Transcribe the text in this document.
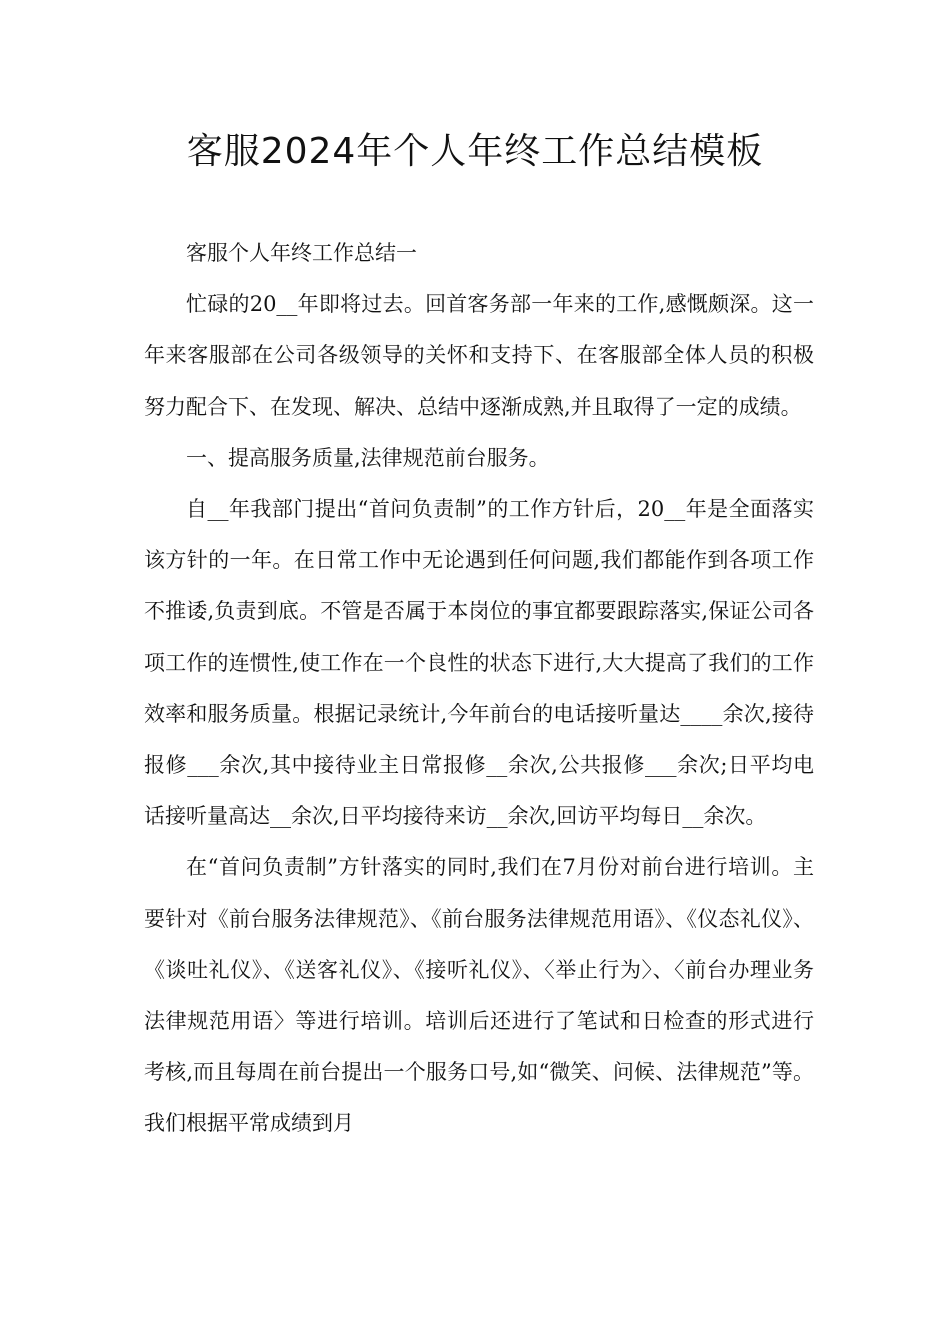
客服2024年个人年终工作总结模板

客服个人年终工作总结一

忙碌的20__年即将过去。回首客务部一年来的工作,感慨颇深。这一年来客服部在公司各级领导的关怀和支持下、在客服部全体人员的积极努力配合下、在发现、解决、总结中逐渐成熟,并且取得了一定的成绩。

一、提高服务质量,法律规范前台服务。

自__年我部门提出“首问负责制”的工作方针后，20__年是全面落实该方针的一年。在日常工作中无论遇到任何问题,我们都能作到各项工作不推诿,负责到底。不管是否属于本岗位的事宜都要跟踪落实,保证公司各项工作的连惯性,使工作在一个良性的状态下进行,大大提高了我们的工作效率和服务质量。根据记录统计,今年前台的电话接听量达____余次,接待报修___余次,其中接待业主日常报修__余次,公共报修___余次;日平均电话接听量高达__余次,日平均接待来访__余次,回访平均每日__余次。

在“首问负责制”方针落实的同时,我们在7月份对前台进行培训。主要针对《前台服务法律规范》、《前台服务法律规范用语》、《仪态礼仪》、《谈吐礼仪》、《送客礼仪》、《接听礼仪》、〈举止行为〉、〈前台办理业务法律规范用语〉等进行培训。培训后还进行了笔试和日检查的形式进行考核,而且每周在前台提出一个服务口号,如“微笑、问候、法律规范”等。我们根据平常成绩到月
